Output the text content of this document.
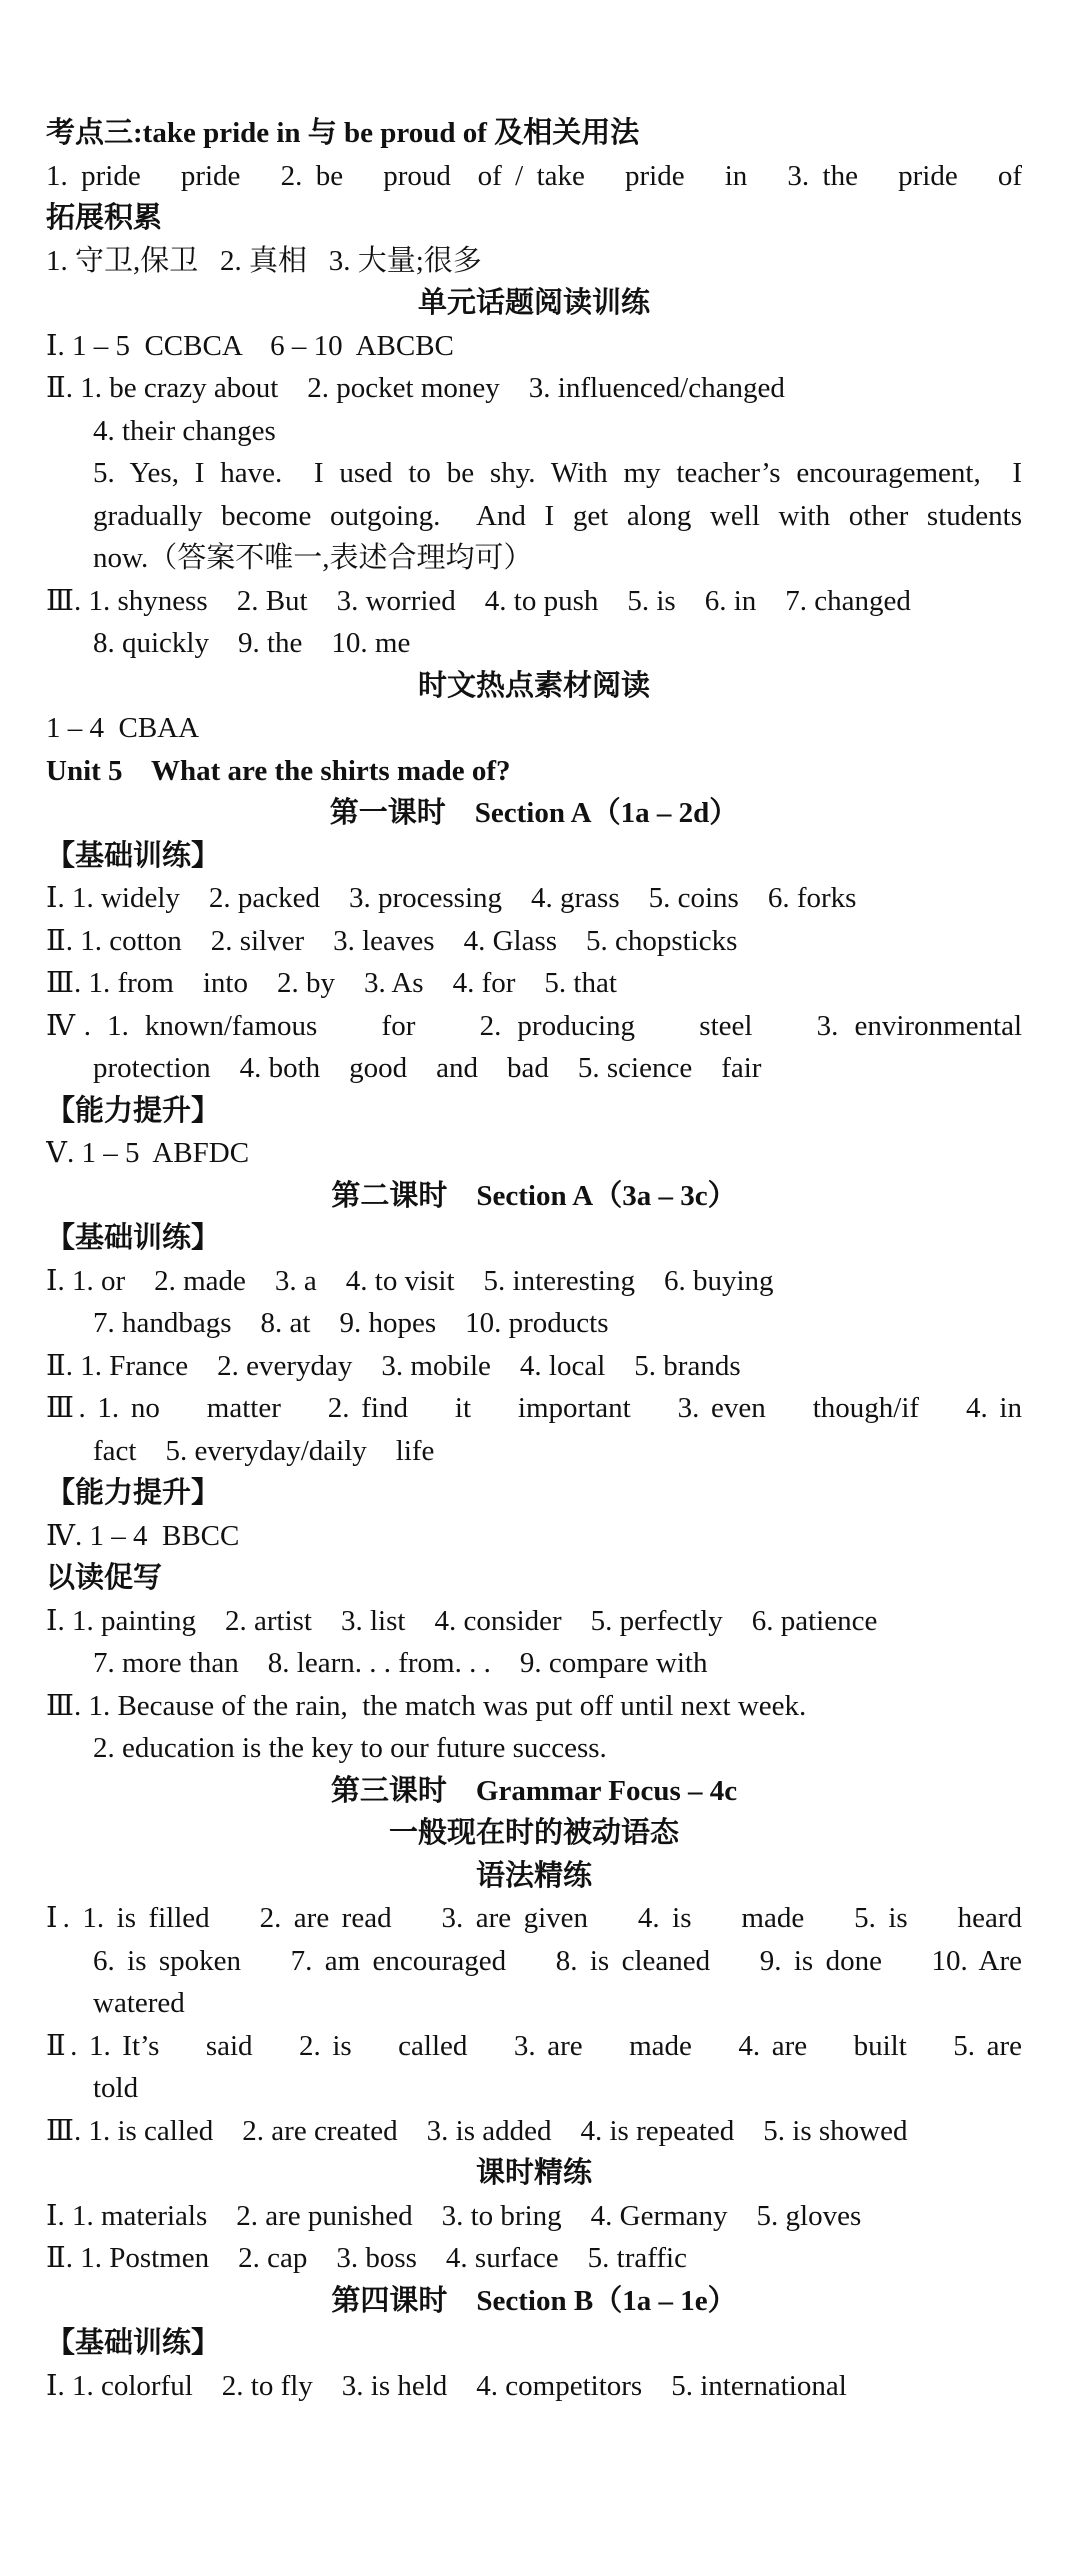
考点三:take pride in 与 be proud of 及相关用法
1. pride   pride   2. be   proud  of / take   pride   in   3. the   pride   of
拓展积累
1. 守卫,保卫   2. 真相   3. 大量;很多
单元话题阅读训练
Ⅰ. 1 – 5  CCBCA    6 – 10  ABCBC
Ⅱ. 1. be crazy about    2. pocket money    3. influenced/changed
4. their changes
5. Yes, I have.  I used to be shy. With my teacher’s encouragement,  I
gradually become outgoing.  And I get along well with other students
now.（答案不唯一,表述合理均可）
Ⅲ. 1. shyness    2. But    3. worried    4. to push    5. is    6. in    7. changed
8. quickly    9. the    10. me
时文热点素材阅读
1 – 4  CBAA
Unit 5    What are the shirts made of?
第一课时    Section A（1a – 2d）
【基础训练】
Ⅰ. 1. widely    2. packed    3. processing    4. grass    5. coins    6. forks
Ⅱ. 1. cotton    2. silver    3. leaves    4. Glass    5. chopsticks
Ⅲ. 1. from    into    2. by    3. As    4. for    5. that
Ⅳ. 1. known/famous    for    2. producing    steel    3. environmental
protection    4. both    good    and    bad    5. science    fair
【能力提升】
Ⅴ. 1 – 5  ABFDC
第二课时    Section A（3a – 3c）
【基础训练】
Ⅰ. 1. or    2. made    3. a    4. to visit    5. interesting    6. buying
7. handbags    8. at    9. hopes    10. products
Ⅱ. 1. France    2. everyday    3. mobile    4. local    5. brands
Ⅲ. 1. no    matter    2. find    it    important    3. even    though/if    4. in
fact    5. everyday/daily    life
【能力提升】
Ⅳ. 1 – 4  BBCC
以读促写
Ⅰ. 1. painting    2. artist    3. list    4. consider    5. perfectly    6. patience
7. more than    8. learn. . . from. . .    9. compare with
Ⅲ. 1. Because of the rain,  the match was put off until next week.
2. education is the key to our future success.
第三课时    Grammar Focus – 4c
一般现在时的被动语态
语法精练
Ⅰ. 1. is filled    2. are read    3. are given    4. is    made    5. is    heard
6. is spoken    7. am encouraged    8. is cleaned    9. is done    10. Are
watered
Ⅱ. 1. It’s    said    2. is    called    3. are    made    4. are    built    5. are
told
Ⅲ. 1. is called    2. are created    3. is added    4. is repeated    5. is showed
课时精练
Ⅰ. 1. materials    2. are punished    3. to bring    4. Germany    5. gloves
Ⅱ. 1. Postmen    2. cap    3. boss    4. surface    5. traffic
第四课时    Section B（1a – 1e）
【基础训练】
Ⅰ. 1. colorful    2. to fly    3. is held    4. competitors    5. international
